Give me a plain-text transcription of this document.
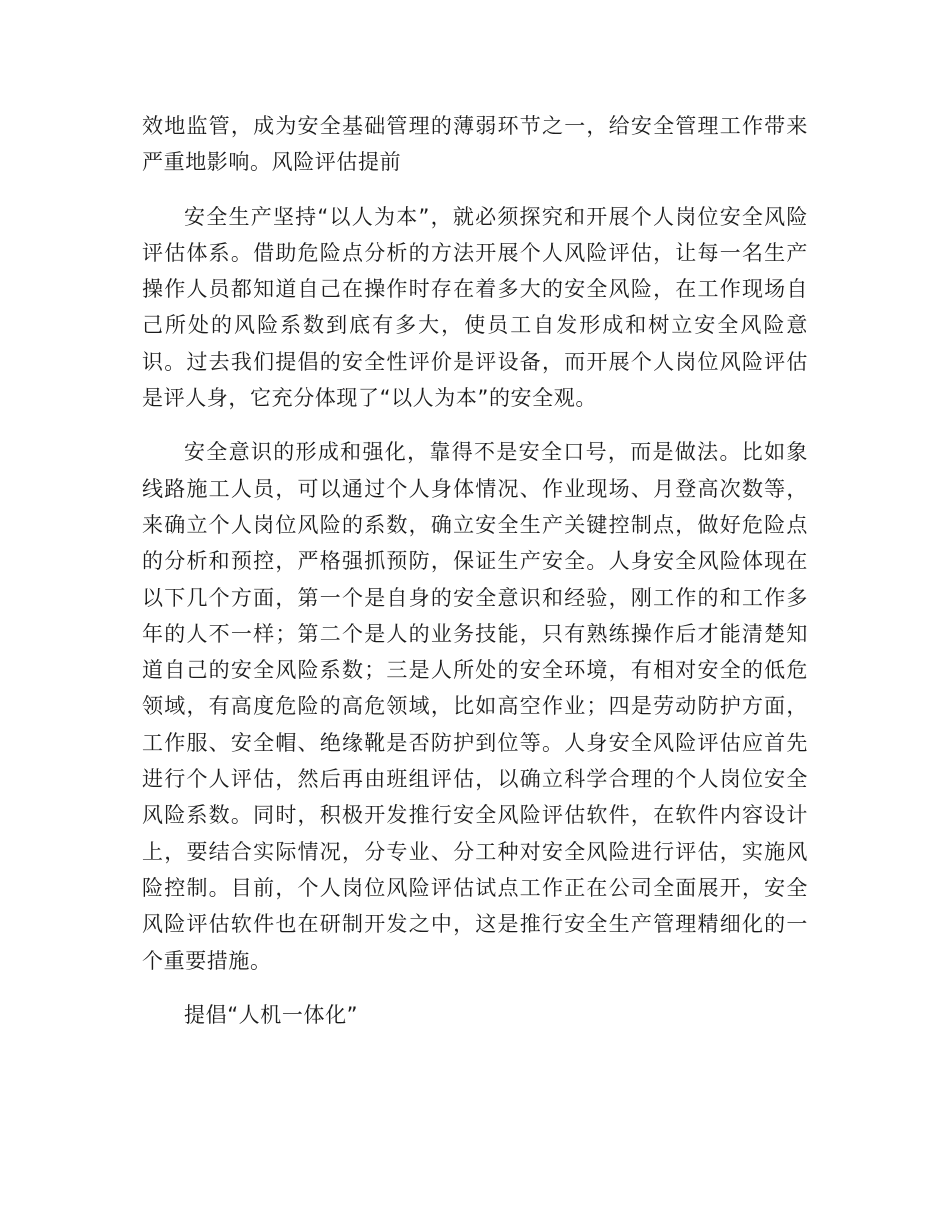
效地监管，成为安全基础管理的薄弱环节之一，给安全管理工作带来严重地影响。风险评估提前

安全生产坚持“以人为本”，就必须探究和开展个人岗位安全风险评估体系。借助危险点分析的方法开展个人风险评估，让每一名生产操作人员都知道自己在操作时存在着多大的安全风险，在工作现场自己所处的风险系数到底有多大，使员工自发形成和树立安全风险意识。过去我们提倡的安全性评价是评设备，而开展个人岗位风险评估是评人身，它充分体现了“以人为本”的安全观。

安全意识的形成和强化，靠得不是安全口号，而是做法。比如象线路施工人员，可以通过个人身体情况、作业现场、月登高次数等，来确立个人岗位风险的系数，确立安全生产关键控制点，做好危险点的分析和预控，严格强抓预防，保证生产安全。人身安全风险体现在以下几个方面，第一个是自身的安全意识和经验，刚工作的和工作多年的人不一样；第二个是人的业务技能，只有熟练操作后才能清楚知道自己的安全风险系数；三是人所处的安全环境，有相对安全的低危领域，有高度危险的高危领域，比如高空作业；四是劳动防护方面，工作服、安全帽、绝缘靴是否防护到位等。人身安全风险评估应首先进行个人评估，然后再由班组评估，以确立科学合理的个人岗位安全风险系数。同时，积极开发推行安全风险评估软件，在软件内容设计上，要结合实际情况，分专业、分工种对安全风险进行评估，实施风险控制。目前，个人岗位风险评估试点工作正在公司全面展开，安全风险评估软件也在研制开发之中，这是推行安全生产管理精细化的一个重要措施。

提倡“人机一体化”
